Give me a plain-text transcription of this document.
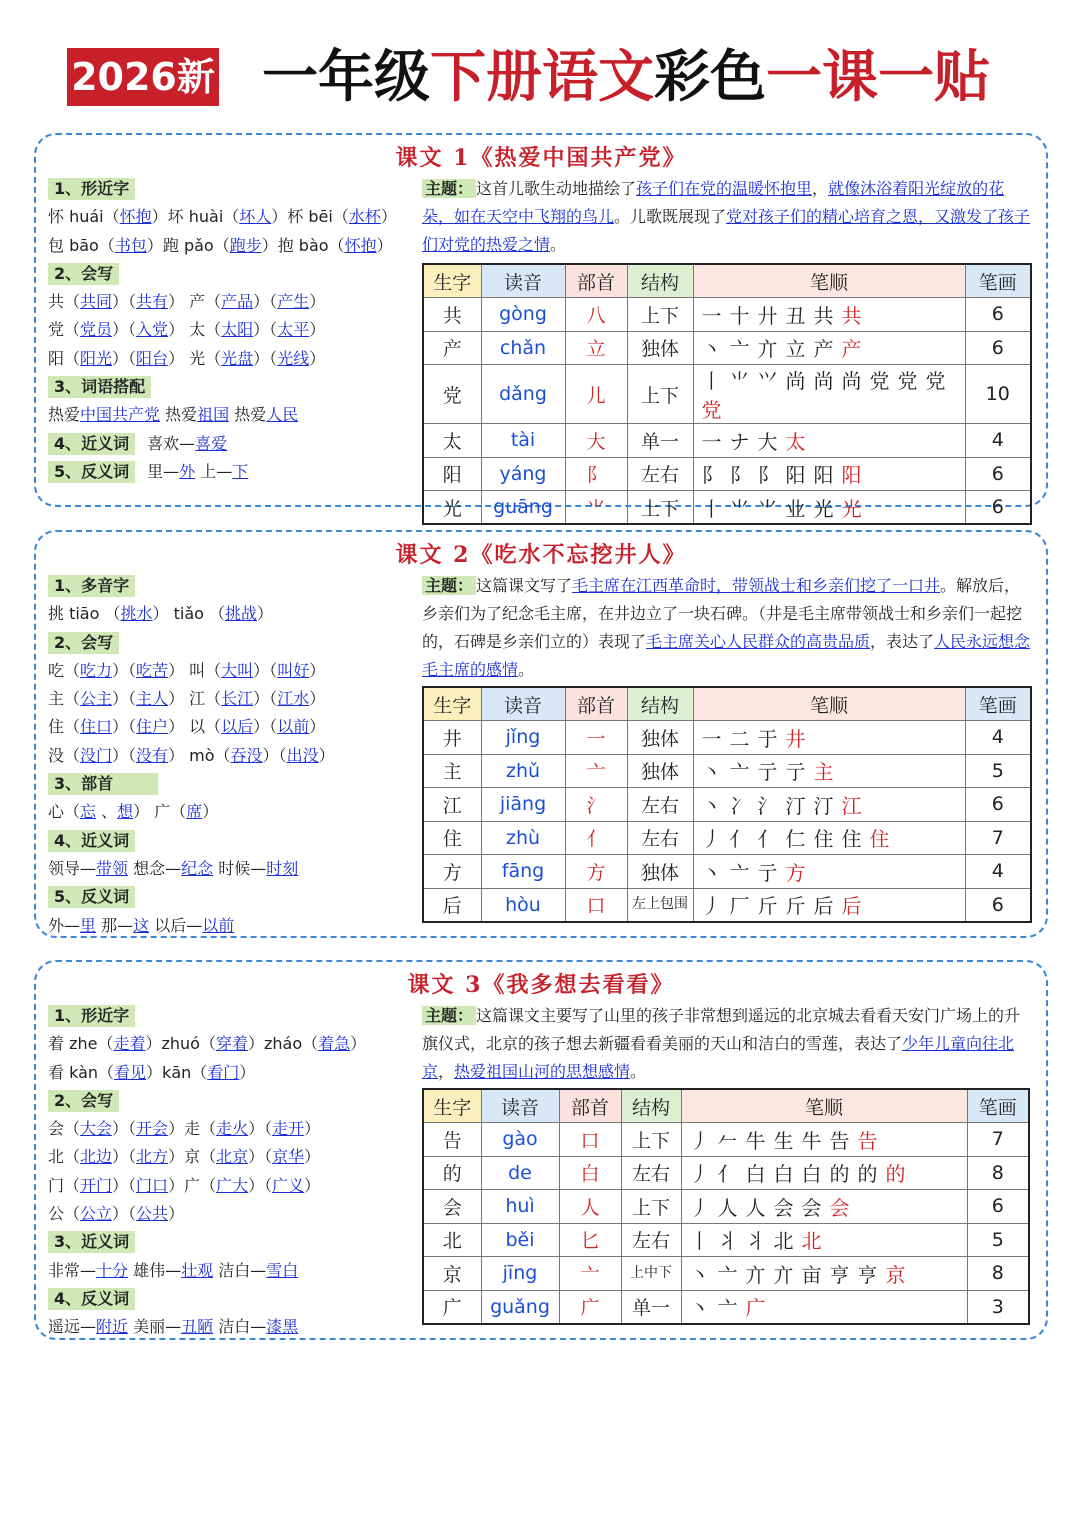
2026新 一年级下册语文彩色一课一贴
课文 1《热爱中国共产党》
1、形近字
怀 huái（怀抱）坏 huài（坏人）杯 bēi（水杯）
包 bāo（书包）跑 pǎo（跑步）抱 bào（怀抱）
2、会写
共（共同）（共有） 产（产品）（产生）
党（党员）（入党） 太（太阳）（太平）
阳（阳光）（阳台） 光（光盘）（光线）
3、词语搭配
热爱中国共产党 热爱祖国 热爱人民
4、近义词 喜欢—喜爱
5、反义词 里—外 上—下
主题： 这首儿歌生动地描绘了孩子们在党的温暖怀抱里，就像沐浴着阳光绽放的花朵，如在天空中飞翔的鸟儿。儿歌既展现了党对孩子们的精心培育之恩，又激发了孩子们对党的热爱之情。
生字	读音	部首	结构	笔顺	笔画
共	gòng	八	上下	一十廾丑共共	6
产	chǎn	立	独体	丶亠亣立产产	6
党	dǎng	儿	上下	丨⺌⺍尚尚尚党党党党	10
太	tài	大	单一	一ナ大太	4
阳	yáng	阝	左右	阝阝阝阳阳阳	6
光	guāng	⺌	上下	丨⺌⺌业光光	6
课文 2《吃水不忘挖井人》
1、多音字
挑 tiāo （挑水） tiǎo （挑战）
2、会写
吃（吃力）（吃苦） 叫（大叫）（叫好）
主（公主）（主人） 江（长江）（江水）
住（住口）（住户） 以（以后）（以前）
没（没门）（没有） mò（吞没）（出没）
3、部首
心（忘 、想） 广（席）
4、近义词
领导—带领 想念—纪念 时候—时刻
5、反义词
外—里 那—这 以后—以前
主题： 这篇课文写了毛主席在江西革命时，带领战士和乡亲们挖了一口井。解放后，乡亲们为了纪念毛主席，在井边立了一块石碑。（井是毛主席带领战士和乡亲们一起挖的，石碑是乡亲们立的）表现了毛主席关心人民群众的高贵品质，表达了人民永远想念毛主席的感情。
生字	读音	部首	结构	笔顺	笔画
井	jǐng	一	独体	一二于井	4
主	zhǔ	亠	独体	丶亠亍亍主	5
江	jiāng	氵	左右	丶冫氵汀汀江	6
住	zhù	亻	左右	丿亻亻仁住住住	7
方	fāng	方	独体	丶亠亍方	4
后	hòu	口	左上包围	丿厂斤斤后后	6
课文 3《我多想去看看》
1、形近字
着 zhe（走着）zhuó（穿着）zháo（着急）
看 kàn（看见）kān（看门）
2、会写
会（大会）（开会）走（走火）（走开）
北（北边）（北方）京（北京）（京华）
门（开门）（门口）广（广大）（广义）
公（公立）（公共）
3、近义词
非常—十分 雄伟—壮观 洁白—雪白
4、反义词
遥远—附近 美丽—丑陋 洁白—漆黑
主题： 这篇课文主要写了山里的孩子非常想到遥远的北京城去看看天安门广场上的升旗仪式，北京的孩子想去新疆看看美丽的天山和洁白的雪莲，表达了少年儿童向往北京，热爱祖国山河的思想感情。
生字	读音	部首	结构	笔顺	笔画
告	gào	口	上下	丿𠂉牛生牛告告	7
的	de	白	左右	丿亻白白白的的的	8
会	huì	人	上下	丿人人会会会	6
北	běi	匕	左右	丨丬丬北北	5
京	jīng	亠	上中下	丶亠亣亣亩亨亨京	8
广	guǎng	广	单一	丶亠广	3
